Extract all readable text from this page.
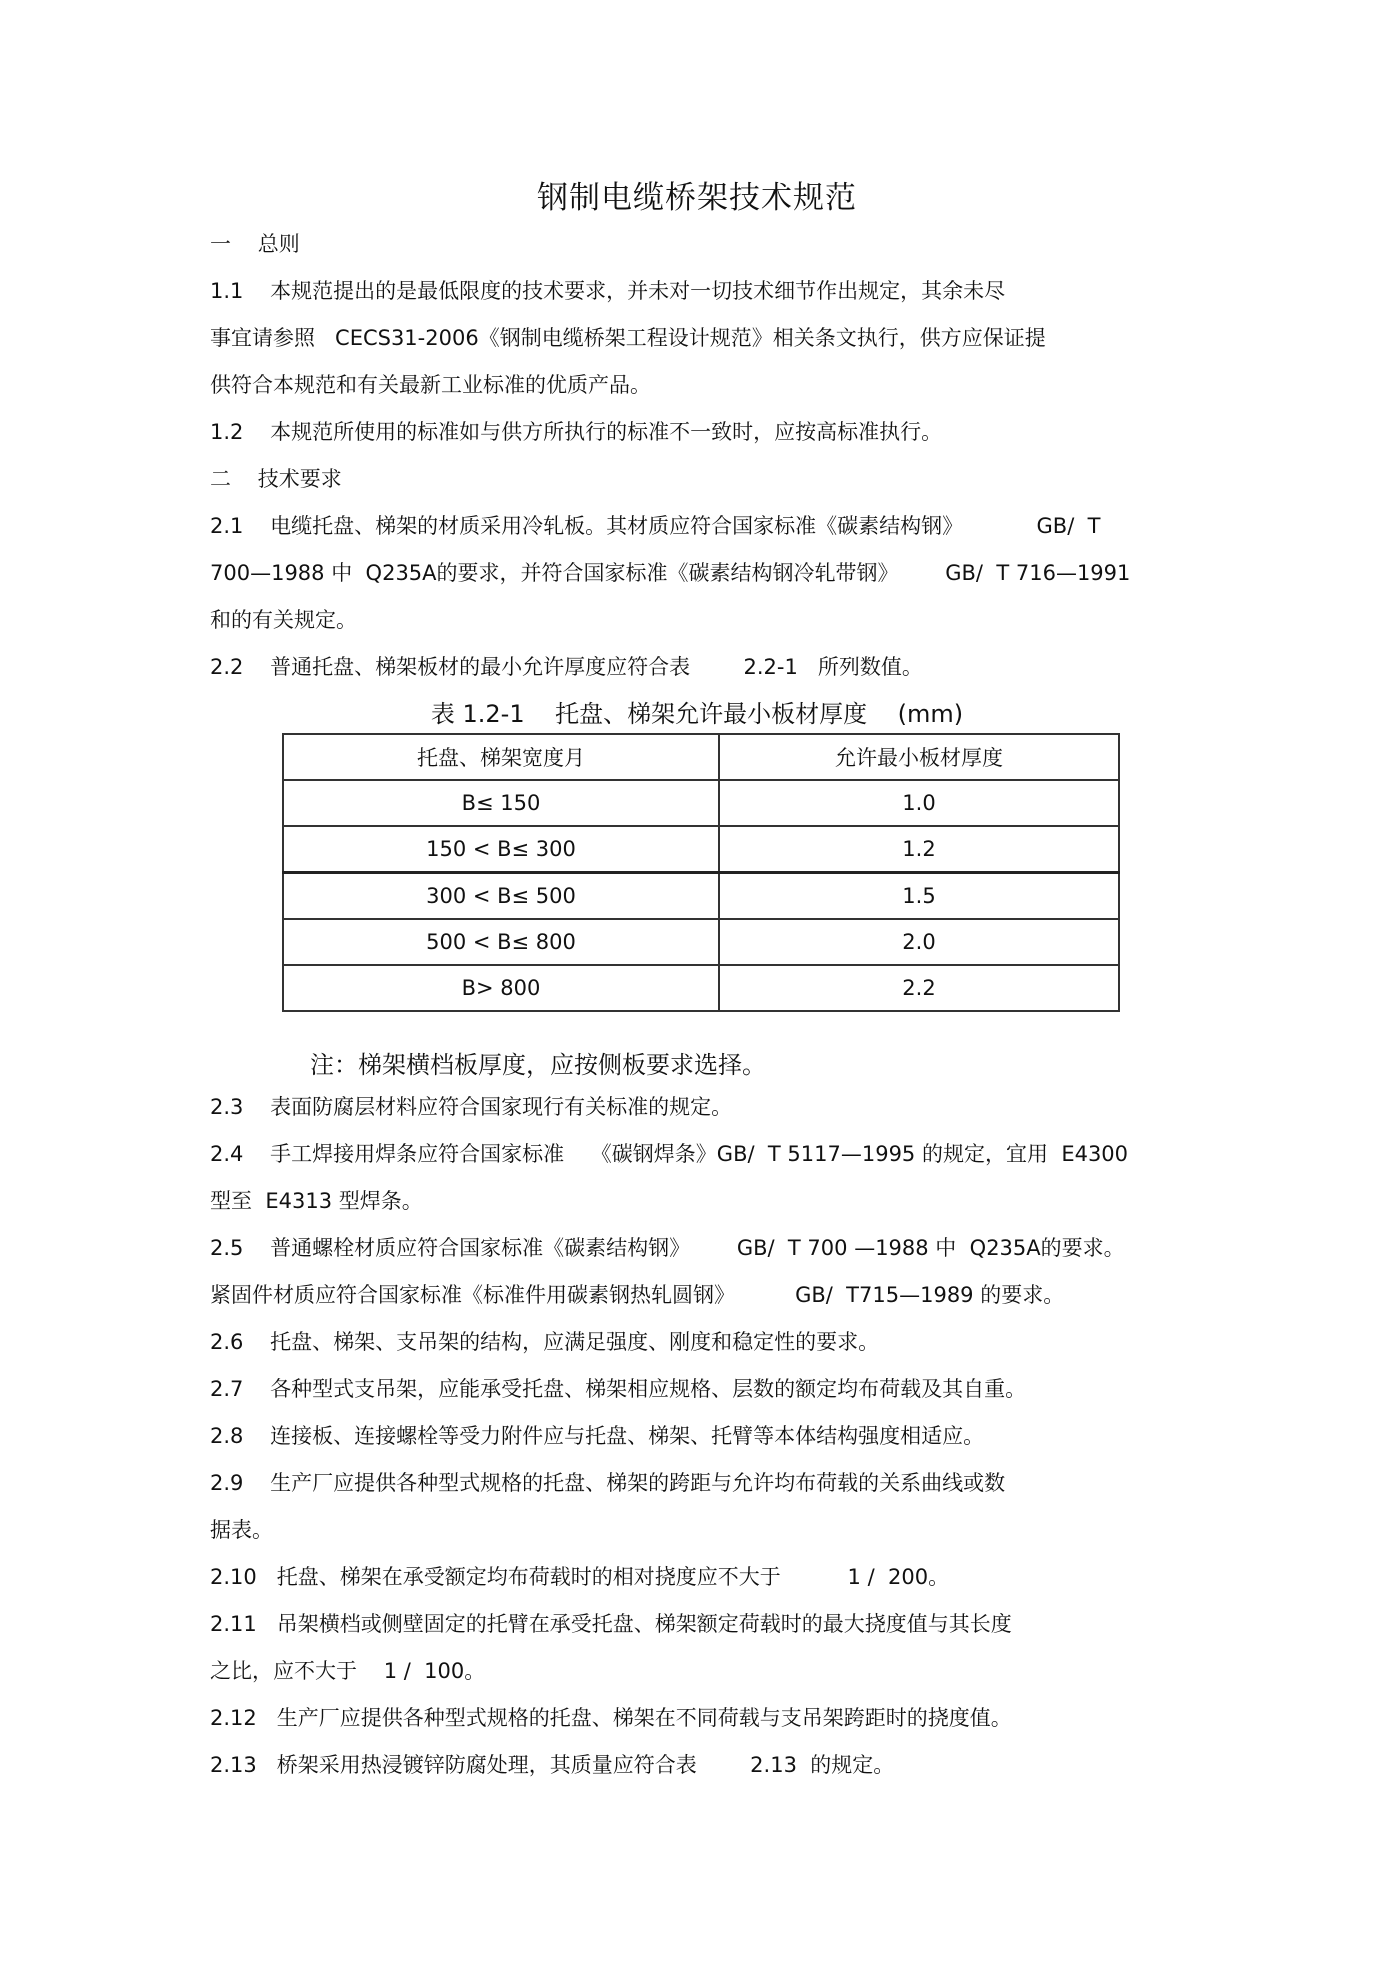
钢制电缆桥架技术规范
一    总则
1.1    本规范提出的是最低限度的技术要求，并未对一切技术细节作出规定，其余未尽
事宜请参照   CECS31-2006《钢制电缆桥架工程设计规范》相关条文执行，供方应保证提
供符合本规范和有关最新工业标准的优质产品。
1.2    本规范所使用的标准如与供方所执行的标准不一致时，应按高标准执行。
二    技术要求
2.1    电缆托盘、梯架的材质采用冷轧板。其材质应符合国家标准《碳素结构钢》           GB/  T
700—1988 中  Q235A的要求，并符合国家标准《碳素结构钢冷轧带钢》       GB/  T 716—1991
和的有关规定。
2.2    普通托盘、梯架板材的最小允许厚度应符合表        2.2-1   所列数值。
表 1.2-1    托盘、梯架允许最小板材厚度    (mm)
托盘、梯架宽度月	允许最小板材厚度
B≤ 150	1.0
150 < B≤ 300	1.2
300 < B≤ 500	1.5
500 < B≤ 800	2.0
B> 800	2.2
注：梯架横档板厚度，应按侧板要求选择。
2.3    表面防腐层材料应符合国家现行有关标准的规定。
2.4    手工焊接用焊条应符合国家标准    《碳钢焊条》GB/  T 5117—1995 的规定，宜用  E4300
型至  E4313 型焊条。
2.5    普通螺栓材质应符合国家标准《碳素结构钢》       GB/  T 700 —1988 中  Q235A的要求。
紧固件材质应符合国家标准《标准件用碳素钢热轧圆钢》         GB/  T715—1989 的要求。
2.6    托盘、梯架、支吊架的结构，应满足强度、刚度和稳定性的要求。
2.7    各种型式支吊架，应能承受托盘、梯架相应规格、层数的额定均布荷载及其自重。
2.8    连接板、连接螺栓等受力附件应与托盘、梯架、托臂等本体结构强度相适应。
2.9    生产厂应提供各种型式规格的托盘、梯架的跨距与允许均布荷载的关系曲线或数
据表。
2.10   托盘、梯架在承受额定均布荷载时的相对挠度应不大于          1 /  200。
2.11   吊架横档或侧壁固定的托臂在承受托盘、梯架额定荷载时的最大挠度值与其长度
之比，应不大于    1 /  100。
2.12   生产厂应提供各种型式规格的托盘、梯架在不同荷载与支吊架跨距时的挠度值。
2.13   桥架采用热浸镀锌防腐处理，其质量应符合表        2.13  的规定。
